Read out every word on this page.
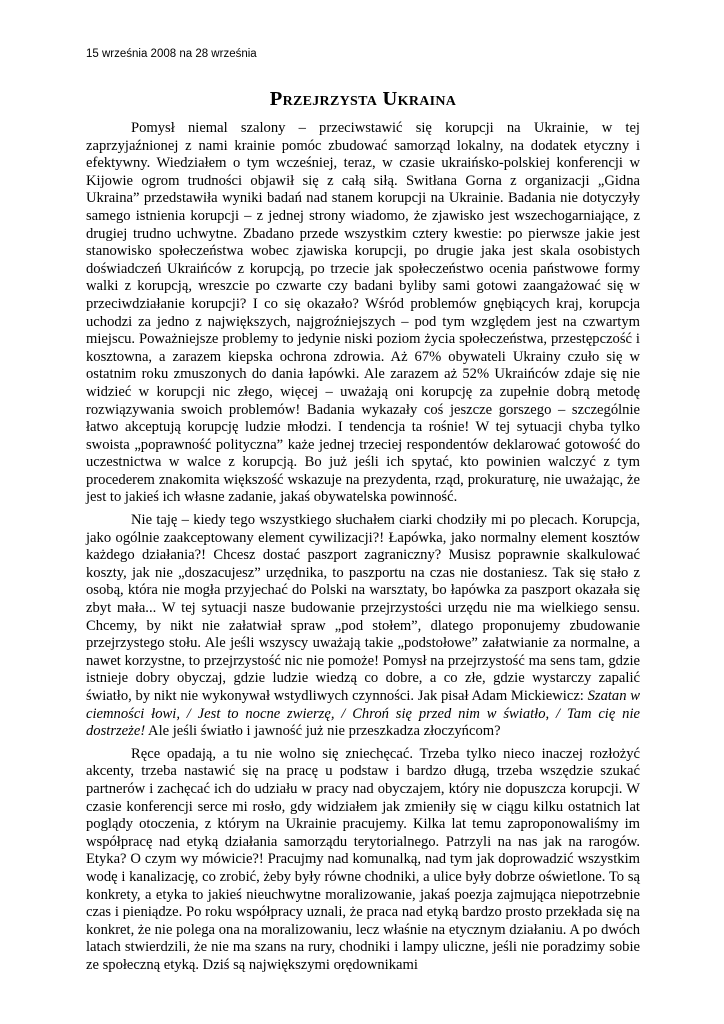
15 września 2008 na 28 września
Przejrzysta Ukraina

Pomysł niemal szalony – przeciwstawić się korupcji na Ukrainie, w tej zaprzyjaźnionej z nami krainie pomóc zbudować samorząd lokalny, na dodatek etyczny i efektywny. Wiedziałem o tym wcześniej, teraz, w czasie ukraińsko-polskiej konferencji w Kijowie ogrom trudności objawił się z całą siłą. Switłana Gorna z organizacji „Gidna Ukraina” przedstawiła wyniki badań nad stanem korupcji na Ukrainie. Badania nie dotyczyły samego istnienia korupcji – z jednej strony wiadomo, że zjawisko jest wszechogarniające, z drugiej trudno uchwytne. Zbadano przede wszystkim cztery kwestie: po pierwsze jakie jest stanowisko społeczeństwa wobec zjawiska korupcji, po drugie jaka jest skala osobistych doświadczeń Ukraińców z korupcją, po trzecie jak społeczeństwo ocenia państwowe formy walki z korupcją, wreszcie po czwarte czy badani byliby sami gotowi zaangażować się w przeciwdziałanie korupcji? I co się okazało? Wśród problemów gnębiących kraj, korupcja uchodzi za jedno z największych, najgroźniejszych – pod tym względem jest na czwartym miejscu. Poważniejsze problemy to jedynie niski poziom życia społeczeństwa, przestępczość i kosztowna, a zarazem kiepska ochrona zdrowia. Aż 67% obywateli Ukrainy czuło się w ostatnim roku zmuszonych do dania łapówki. Ale zarazem aż 52% Ukraińców zdaje się nie widzieć w korupcji nic złego, więcej – uważają oni korupcję za zupełnie dobrą metodę rozwiązywania swoich problemów! Badania wykazały coś jeszcze gorszego – szczególnie łatwo akceptują korupcję ludzie młodzi. I tendencja ta rośnie! W tej sytuacji chyba tylko swoista „poprawność polityczna” każe jednej trzeciej respondentów deklarować gotowość do uczestnictwa w walce z korupcją. Bo już jeśli ich spytać, kto powinien walczyć z tym procederem znakomita większość wskazuje na prezydenta, rząd, prokuraturę, nie uważając, że jest to jakieś ich własne zadanie, jakaś obywatelska powinność.

Nie taję – kiedy tego wszystkiego słuchałem ciarki chodziły mi po plecach. Korupcja, jako ogólnie zaakceptowany element cywilizacji?! Łapówka, jako normalny element kosztów każdego działania?! Chcesz dostać paszport zagraniczny? Musisz poprawnie skalkulować koszty, jak nie „doszacujesz” urzędnika, to paszportu na czas nie dostaniesz. Tak się stało z osobą, która nie mogła przyjechać do Polski na warsztaty, bo łapówka za paszport okazała się zbyt mała... W tej sytuacji nasze budowanie przejrzystości urzędu nie ma wielkiego sensu. Chcemy, by nikt nie załatwiał spraw „pod stołem”, dlatego proponujemy zbudowanie przejrzystego stołu. Ale jeśli wszyscy uważają takie „podstołowe” załatwianie za normalne, a nawet korzystne, to przejrzystość nic nie pomoże! Pomysł na przejrzystość ma sens tam, gdzie istnieje dobry obyczaj, gdzie ludzie wiedzą co dobre, a co złe, gdzie wystarczy zapalić światło, by nikt nie wykonywał wstydliwych czynności. Jak pisał Adam Mickiewicz: Szatan w ciemności łowi, / Jest to nocne zwierzę, / Chroń się przed nim w światło, / Tam cię nie dostrzeże! Ale jeśli światło i jawność już nie przeszkadza złoczyńcom?

Ręce opadają, a tu nie wolno się zniechęcać. Trzeba tylko nieco inaczej rozłożyć akcenty, trzeba nastawić się na pracę u podstaw i bardzo długą, trzeba wszędzie szukać partnerów i zachęcać ich do udziału w pracy nad obyczajem, który nie dopuszcza korupcji. W czasie konferencji serce mi rosło, gdy widziałem jak zmieniły się w ciągu kilku ostatnich lat poglądy otoczenia, z którym na Ukrainie pracujemy. Kilka lat temu zaproponowaliśmy im współpracę nad etyką działania samorządu terytorialnego. Patrzyli na nas jak na rarogów. Etyka? O czym wy mówicie?! Pracujmy nad komunalką, nad tym jak doprowadzić wszystkim wodę i kanalizację, co zrobić, żeby były równe chodniki, a ulice były dobrze oświetlone. To są konkrety, a etyka to jakieś nieuchwytne moralizowanie, jakaś poezja zajmująca niepotrzebnie czas i pieniądze. Po roku współpracy uznali, że praca nad etyką bardzo prosto przekłada się na konkret, że nie polega ona na moralizowaniu, lecz właśnie na etycznym działaniu. A po dwóch latach stwierdzili, że nie ma szans na rury, chodniki i lampy uliczne, jeśli nie poradzimy sobie ze społeczną etyką. Dziś są największymi orędownikami
